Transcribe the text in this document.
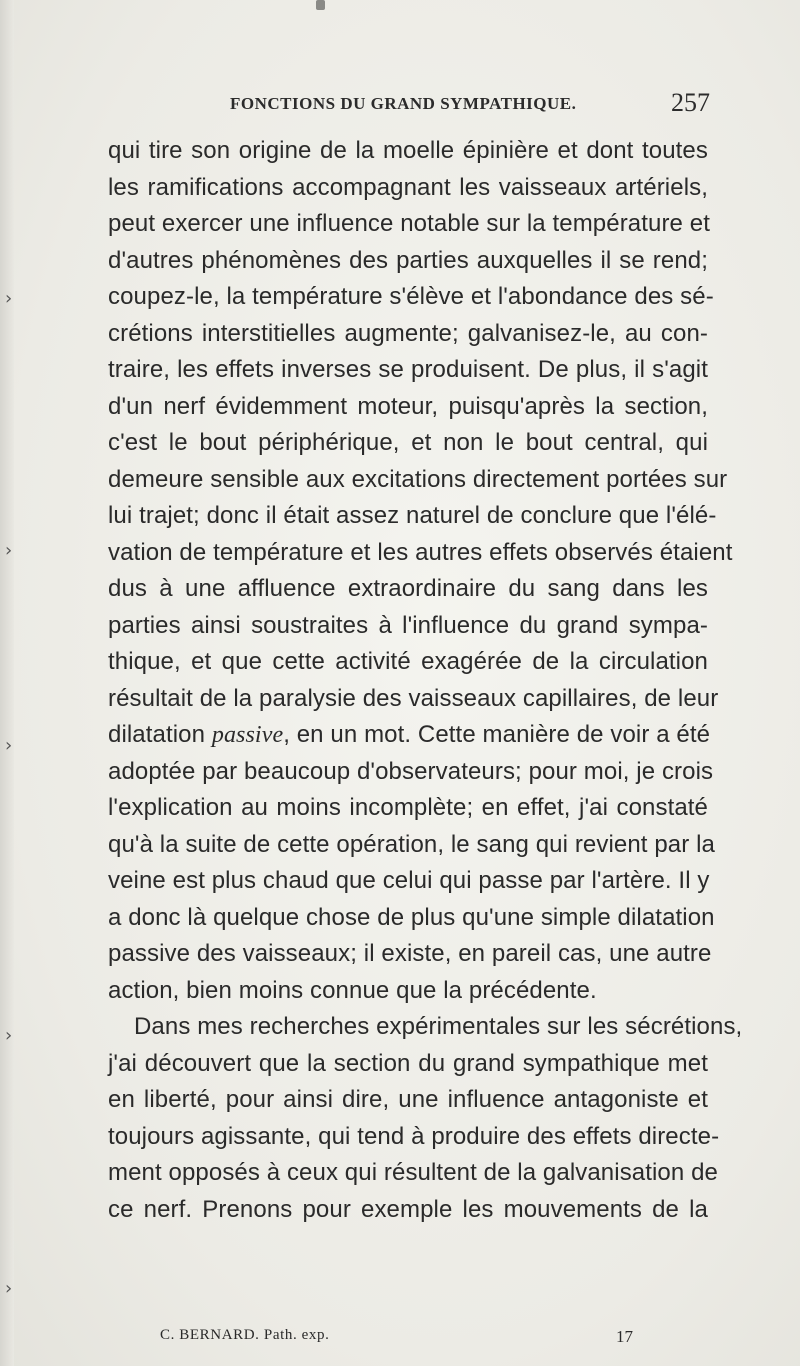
›
›
›
›
›
FONCTIONS DU GRAND SYMPATHIQUE.	257
qui tire son origine de la moelle épinière et dont toutes
les ramifications accompagnant les vaisseaux artériels,
peut exercer une influence notable sur la température et
d'autres phénomènes des parties auxquelles il se rend;
coupez-le, la température s'élève et l'abondance des sé-
crétions interstitielles augmente; galvanisez-le, au con-
traire, les effets inverses se produisent. De plus, il s'agit
d'un nerf évidemment moteur, puisqu'après la section,
c'est le bout périphérique, et non le bout central, qui
demeure sensible aux excitations directement portées sur
lui trajet; donc il était assez naturel de conclure que l'élé-
vation de température et les autres effets observés étaient
dus à une affluence extraordinaire du sang dans les
parties ainsi soustraites à l'influence du grand sympa-
thique, et que cette activité exagérée de la circulation
résultait de la paralysie des vaisseaux capillaires, de leur
dilatation passive, en un mot. Cette manière de voir a été
adoptée par beaucoup d'observateurs; pour moi, je crois
l'explication au moins incomplète; en effet, j'ai constaté
qu'à la suite de cette opération, le sang qui revient par la
veine est plus chaud que celui qui passe par l'artère. Il y
a donc là quelque chose de plus qu'une simple dilatation
passive des vaisseaux; il existe, en pareil cas, une autre
action, bien moins connue que la précédente.
Dans mes recherches expérimentales sur les sécrétions,
j'ai découvert que la section du grand sympathique met
en liberté, pour ainsi dire, une influence antagoniste et
toujours agissante, qui tend à produire des effets directe-
ment opposés à ceux qui résultent de la galvanisation de
ce nerf. Prenons pour exemple les mouvements de la
C. BERNARD. Path. exp.	17
